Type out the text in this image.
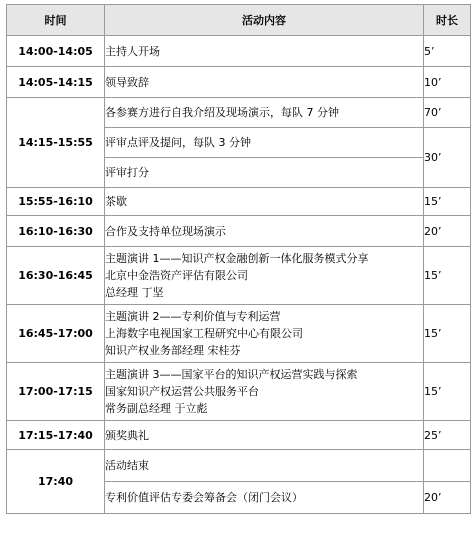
时间	活动内容	时长
14:00-14:05	主持人开场	5’
14:05-14:15	领导致辞	10’
14:15-15:55	各参赛方进行自我介绍及现场演示，每队 7 分钟	70’
	评审点评及提问，每队 3 分钟	30’
	评审打分	
15:55-16:10	茶歇	15’
16:10-16:30	合作及支持单位现场演示	20’
16:30-16:45	主题演讲 1——知识产权金融创新一体化服务模式分享
北京中金浩资产评估有限公司
总经理 丁坚	15’
16:45-17:00	主题演讲 2——专利价值与专利运营
上海数字电视国家工程研究中心有限公司
知识产权业务部经理 宋桂芬	15’
17:00-17:15	主题演讲 3——国家平台的知识产权运营实践与探索
国家知识产权运营公共服务平台
常务副总经理 于立彪	15’
17:15-17:40	颁奖典礼	25’
17:40	活动结束	
	专利价值评估专委会筹备会（闭门会议）	20’
